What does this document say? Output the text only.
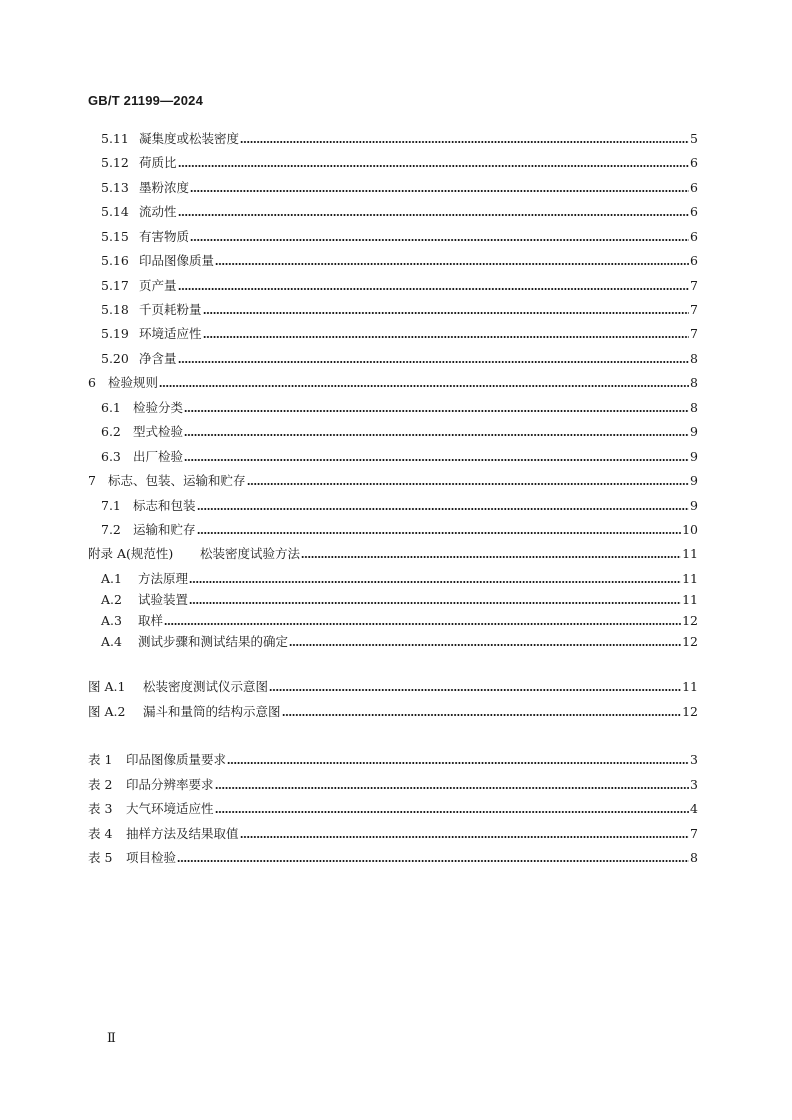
GB/T 21199—2024
5.11 凝集度或松装密度	5
5.12 荷质比	6
5.13 墨粉浓度	6
5.14 流动性	6
5.15 有害物质	6
5.16 印品图像质量	6
5.17 页产量	7
5.18 千页耗粉量	7
5.19 环境适应性	7
5.20 净含量	8
6 检验规则	8
6.1 检验分类	8
6.2 型式检验	9
6.3 出厂检验	9
7 标志、包装、运输和贮存	9
7.1 标志和包装	9
7.2 运输和贮存	10
附录 A(规范性)	松装密度试验方法	11
A.1	方法原理	11
A.2	试验装置	11
A.3	取样	12
A.4	测试步骤和测试结果的确定	12
图 A.1	松装密度测试仪示意图	11
图 A.2	漏斗和量筒的结构示意图	12
表 1	印品图像质量要求	3
表 2	印品分辨率要求	3
表 3	大气环境适应性	4
表 4	抽样方法及结果取值	7
表 5	项目检验	8
Ⅱ
